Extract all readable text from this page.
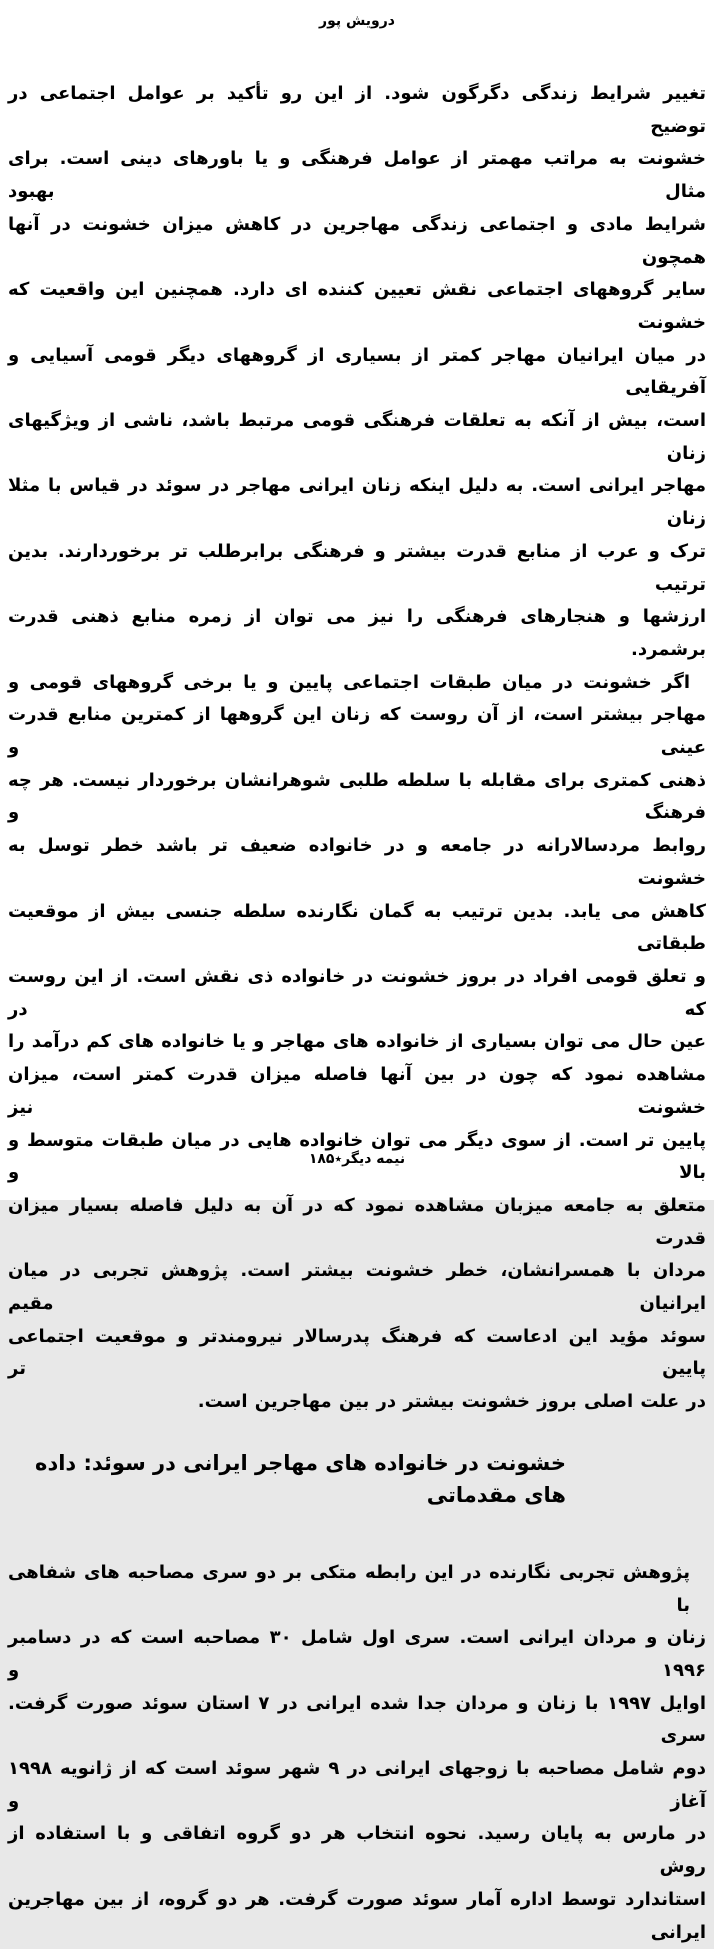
درويش پور
تغيير شرايط زندگی دگرگون شود. از اين رو تأکيد بر عوامل اجتماعی در توضيح
خشونت به مراتب مهمتر از عوامل فرهنگی و يا باورهای دينی است. برای مثال بهبود
شرايط مادی و اجتماعی زندگی مهاجرين در کاهش ميزان خشونت در آنها همچون
ساير گروههای اجتماعی نقش تعيين کننده ای دارد. همچنين اين واقعيت که خشونت
در ميان ايرانيان مهاجر کمتر از بسياری از گروههای ديگر قومی آسيايی و آفريقايی
است، بيش از آنکه به تعلقات فرهنگی قومی مرتبط باشد، ناشی از ويژگيهای زنان
مهاجر ايرانی است. به دليل اينکه زنان ايرانی مهاجر در سوئد در قياس با مثلا زنان
ترک و عرب از منابع قدرت بيشتر و فرهنگی برابرطلب تر برخوردارند. بدين ترتيب
ارزشها و هنجارهای فرهنگی را نيز می توان از زمره منابع ذهنی قدرت برشمرد.
اگر خشونت در ميان طبقات اجتماعی پايين و يا برخی گروههای قومی و
مهاجر بيشتر است، از آن روست که زنان اين گروهها از کمترين منابع قدرت عينی و
ذهنی کمتری برای مقابله با سلطه طلبی شوهرانشان برخوردار نيست. هر چه فرهنگ و
روابط مردسالارانه در جامعه و در خانواده ضعيف تر باشد خطر توسل به خشونت
کاهش می يابد. بدين ترتيب به گمان نگارنده سلطه جنسی بيش از موقعيت طبقاتی
و تعلق قومی افراد در بروز خشونت در خانواده ذی نقش است. از اين روست که در
عين حال می توان بسياری از خانواده های مهاجر و يا خانواده های کم درآمد را
مشاهده نمود که چون در بين آنها فاصله ميزان قدرت کمتر است، ميزان خشونت نيز
پايين تر است. از سوی ديگر می توان خانواده هايی در ميان طبقات متوسط و بالا و
متعلق به جامعه ميزبان مشاهده نمود که در آن به دليل فاصله بسيار ميزان قدرت
مردان با همسرانشان، خطر خشونت بيشتر است. پژوهش تجربی در ميان ايرانيان مقيم
سوئد مؤيد اين ادعاست که فرهنگ پدرسالار نيرومندتر و موقعيت اجتماعی پايين تر
در علت اصلی بروز خشونت بيشتر در بين مهاجرين است.
خشونت در خانواده های مهاجر ايرانی در سوئد: داده های مقدماتی
پژوهش تجربی نگارنده در اين رابطه متکی بر دو سری مصاحبه های شفاهی با
زنان و مردان ايرانی است. سری اول شامل ۳۰ مصاحبه است که در دسامبر ۱۹۹۶ و
اوايل ۱۹۹۷ با زنان و مردان جدا شده ايرانی در ۷ استان سوئد صورت گرفت. سری
دوم شامل مصاحبه با زوجهای ايرانی در ۹ شهر سوئد است که از ژانويه ۱۹۹۸ آغاز و
در مارس به پايان رسيد. نحوه انتخاب هر دو گروه اتفاقی و با استفاده از روش
استاندارد توسط اداره آمار سوئد صورت گرفت. هر دو گروه، از بين مهاجرين ايرانی
نيمه ديگر٭۱۸۵
